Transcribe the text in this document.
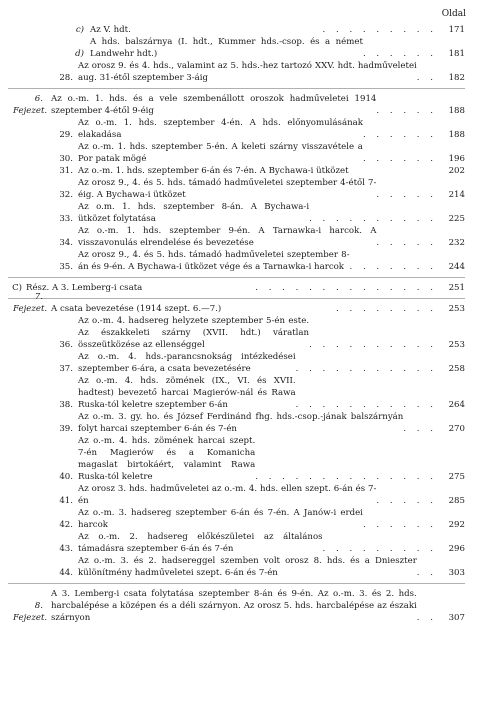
Oldal
c) Az V. hdt.	. . . . . . . . .	171
d)
A hds. balszárnya (I. hdt., Kummer hds.-csop. és a német Landwehr hdt.)	. . . . . .	181
28.
Az orosz 9. és 4. hds., valamint az 5. hds.-hez tartozó XXV. hdt. hadműveletei aug. 31-étől szeptember 3-áig	. .	182
6. Fejezet.
Az o.-m. 1. hds. és a vele szembenállott oroszok hadműveletei 1914 szeptember 4-étől 9-éig	. . . . .	188
29.
Az o.-m. 1. hds. szeptember 4-én. A hds. előnyomulásának elakadása	. . . . . .	188
30.
Az o.-m. 1. hds. szeptember 5-én. A keleti szárny visszavétele a Por patak mögé	. . . . . .	196
31. Az o.-m. 1. hds. szeptember 6-án és 7-én. A Bychawa-i ütközet	202
32.
Az orosz 9., 4. és 5. hds. támadó hadműveletei szeptember 4-étől 7-éig. A Bychawa-i ütközet	. . . . .	214
33.
Az o.m. 1. hds. szeptember 8-án. A Bychawa-i ütközet folytatása	. . . . . . . . . .	225
34.
Az o.-m. 1. hds. szeptember 9-én. A Tarnawka-i harcok. A visszavonulás elrendelése és bevezetése	. . . . .	232
35.
Az orosz 9., 4. és 5. hds. támadó hadműveletei szeptember 8-án és 9-én. A Bychawa-i ütközet vége és a Tarnawka-i harcok . . . . . . .	244
C) Rész. A 3. Lemberg-i csata	. . . . . . . . . . . . . .	251
7. Fejezet. A csata bevezetése (1914 szept. 6.—7.)	. . . . . . . .	253
36.
Az o.-m. 4. hadsereg helyzete szeptember 5-én este. Az északkeleti szárny (XVII. hdt.) váratlan összeütközése az ellenséggel	. . . . . . . . . .	253
37.
Az o.-m. 4. hds.-parancsnokság intézkedései szeptember 6-ára, a csata bevezetésére	. . . . . . . . . . .	258
38.
Az o.-m. 4. hds. zömének (IX., VI. és XVII. hadtest) bevezető harcai Magierów-nál és Rawa Ruska-tól keletre szeptember 6-án	. . . . . . . . . . .	264
39.
Az o.-m. 3. gy. ho. és József Ferdinánd fhg. hds.-csop.-jának balszárnyán folyt harcai szeptember 6-án és 7-én	. . .	270
40.
Az o.-m. 4. hds. zömének harcai szept. 7-én Magierów és a Komanicha magaslat birtokáért, valamint Rawa Ruska-tól keletre	. . . . . . . . . . . . . .	275
41.
Az orosz 3. hds. hadműveletei az o.-m. 4. hds. ellen szept. 6-án és 7-én	. . . . .	285
42.
Az o.-m. 3. hadsereg szeptember 6-án és 7-én. A Janów-i erdei harcok	. . . . . .	292
43.
Az o.-m. 2. hadsereg előkészületei az általános támadásra szeptember 6-án és 7-én	. . . . . . . . .	296
44.
Az o.-m. 3. és 2. hadsereggel szemben volt orosz 8. hds. és a Dnieszter különítmény hadműveletei szept. 6-án és 7-én	. .	303
8. Fejezet.
A 3. Lemberg-i csata folytatása szeptember 8-án és 9-én. Az o.-m. 3. és 2. hds. harcbalépése a középen és a déli szárnyon. Az orosz 5. hds. harcbalépése az északi szárnyon	. .	307
